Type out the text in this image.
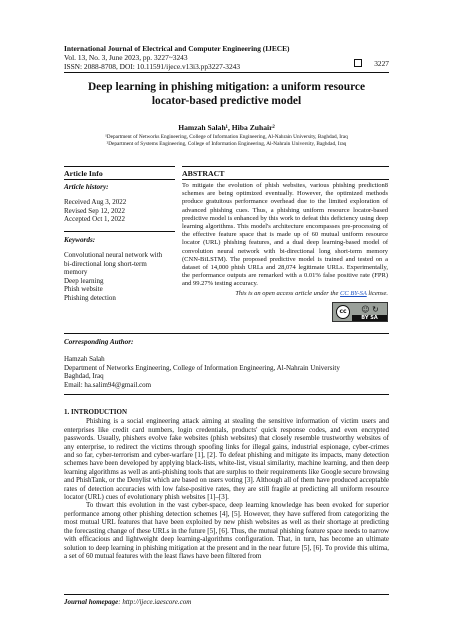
International Journal of Electrical and Computer Engineering (IJECE)
Vol. 13, No. 3, June 2023, pp. 3227~3243
ISSN: 2088-8708, DOI: 10.11591/ijece.v13i3.pp3227-3243	3227
Deep learning in phishing mitigation: a uniform resource
locator-based predictive model
Hamzah Salah¹, Hiba Zuhair²
¹Department of Networks Engineering, College of Information Engineering, Al-Nahrain University, Baghdad, Iraq
²Department of Systems Engineering, College of Information Engineering, Al-Nahrain University, Baghdad, Iraq
Article Info	ABSTRACT
Article history:
Received Aug 3, 2022
Revised Sep 12, 2022
Accepted Oct 1, 2022
Keywords:
Convolutional neural network with bi-directional long short-term memory
Deep learning
Phish website
Phishing detection
To mitigate the evolution of phish websites, various phishing prediction8 schemes are being optimized eventually. However, the optimized methods produce gratuitous performance overhead due to the limited exploration of advanced phishing cues. Thus, a phishing uniform resource locator-based predictive model is enhanced by this work to defeat this deficiency using deep learning algorithms. This model's architecture encompasses pre-processing of the effective feature space that is made up of 60 mutual uniform resource locator (URL) phishing features, and a dual deep learning-based model of convolution neural network with bi-directional long short-term memory (CNN-BiLSTM). The proposed predictive model is trained and tested on a dataset of 14,000 phish URLs and 28,074 legitimate URLs. Experimentally, the performance outputs are remarked with a 0.01% false positive rate (FPR) and 99.27% testing accuracy.
This is an open access article under the CC BY-SA license.
cc	☺ ↻
BY SA
Corresponding Author:
Hamzah Salah
Department of Networks Engineering, College of Information Engineering, Al-Nahrain University
Baghdad, Iraq
Email: ha.salim94@gmail.com

1. INTRODUCTION

Phishing is a social engineering attack aiming at stealing the sensitive information of victim users and enterprises like credit card numbers, login credentials, products' quick response codes, and even encrypted passwords. Usually, phishers evolve fake websites (phish websites) that closely resemble trustworthy websites of any enterprise, to redirect the victims through spoofing links for illegal gains, industrial espionage, cyber-crimes and so far, cyber-terrorism and cyber-warfare [1], [2]. To defeat phishing and mitigate its impacts, many detection schemes have been developed by applying black-lists, white-list, visual similarity, machine learning, and then deep learning algorithms as well as anti-phishing tools that are surplus to their requirements like Google secure browsing and PhishTank, or the Denylist which are based on users voting [3]. Although all of them have produced acceptable rates of detection accuracies with low false-positive rates, they are still fragile at predicting all uniform resource locator (URL) cues of evolutionary phish websites [1]–[3].

To thwart this evolution in the vast cyber-space, deep learning knowledge has been evoked for superior performance among other phishing detection schemes [4], [5]. However, they have suffered from categorizing the most mutual URL features that have been exploited by new phish websites as well as their shortage at predicting the forecasting change of these URLs in the future [5], [6]. Thus, the mutual phishing feature space needs to narrow with efficacious and lightweight deep learning-algorithms configuration. That, in turn, has become an ultimate solution to deep learning in phishing mitigation at the present and in the near future [5], [6]. To provide this ultima, a set of 60 mutual features with the least flaws have been filtered from

Journal homepage: http://ijece.iaescore.com
